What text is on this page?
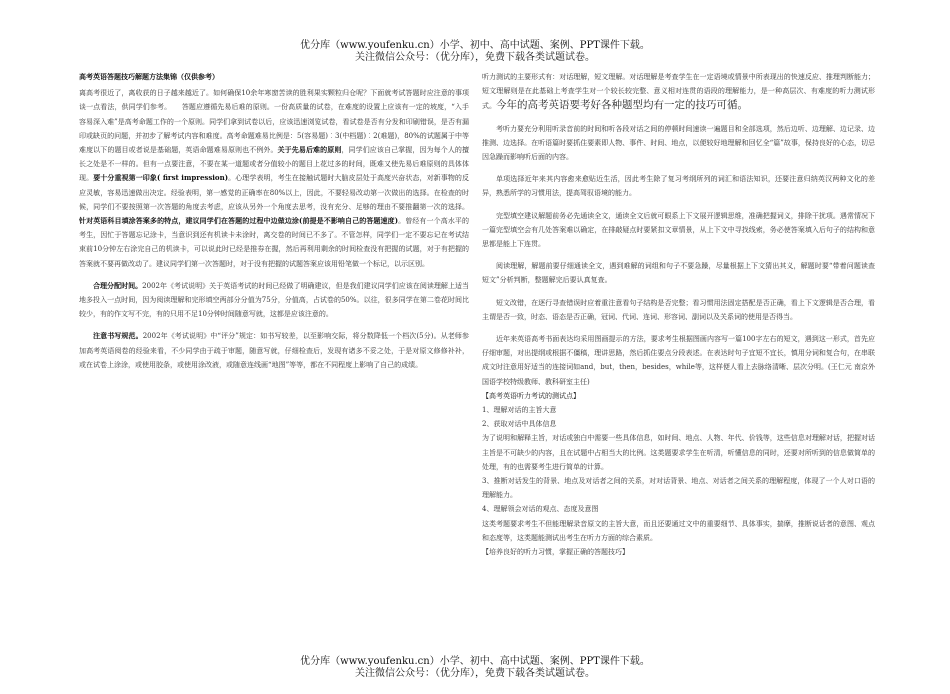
优分库（www.youfenku.cn）小学、初中、高中试题、案例、PPT课件下载。
关注微信公众号：（优分库），免费下载各类试题试卷。

高考英语答题技巧解题方法集锦（仅供参考）

离高考很近了，离收获的日子越来越近了。如何确保10余年寒窗苦读的胜利果实颗粒归仓呢？下面就考试答题时应注意的事项谈一点看法，供同学们参考。　　答题应遵循先易后难的原则。一份高质量的试卷，在难度的设置上应该有一定的坡度，“入手容易深入难”是高考命题工作的一个原则。同学们拿到试卷以后，应该迅速浏览试卷，看试卷是否有分发和印刷错误，是否有漏印或缺页的问题，并初步了解考试内容和难度。高考命题难易比例是：5(容易题)︰3(中档题)︰2(难题)，80%的试题属于中等难度以下的题目或者说是基础题，英语命题难易原则也不例外。关于先易后难的原则，同学们应该自己掌握，因为每个人的擅长之处是不一样的。但有一点要注意，不要在某一道题或者分值较小的题目上花过多的时间，既难又使先易后难原则的具体体现。要十分重视第一印象( first impression)。心理学表明，考生在接触试题时大脑皮层处于高度兴奋状态，对新事物的反应灵敏，容易迅速做出决定。经验表明，第一感觉的正确率在80%以上，因此，不要轻易改动第一次做出的选择。在检查的时候，同学们不要按照第一次答题的角度去考虑，应该从另外一个角度去思考，没有充分、足够的理由不要推翻第一次的选择。针对英语科目填涂答案多的特点，建议同学们在答题的过程中边做边涂(前提是不影响自己的答题速度)。曾经有一个高水平的考生，因忙于答题忘记涂卡，当意识到还有机读卡未涂时，离交卷的时间已不多了。不管怎样，同学们一定不要忘记在考试结束前10分钟左右涂完自己的机读卡，可以说此时已经是推券在握，然后再利用剩余的时间检查没有把握的试题，对于有把握的答案就不要再做改动了。建议同学们第一次答题时，对于没有把握的试题答案应该用铅笔做一个标记，以示区别。

合理分配时间。2002年《考试说明》关于英语考试的时间已经做了明确建议，但是我们建议同学们应该在阅读理解上适当地多投入一点时间，因为阅读理解和完形填空两部分分值为75分，分值高，占试卷的50%。以往，很多同学在第二卷花时间比较少，有的作文写不完，有的只用不足10分钟时间随意写就，这都是应该注意的。

注意书写规范。2002年《考试说明》中“评分”规定：如书写较差，以至影响交际，将分数降低一个档次(5分)。从老师参加高考英语阅卷的经验来看，不少同学由于疏于审题，随意写就，仔细检查后，发现有诸多不妥之处，于是对原文修修补补，或在试卷上涂涂，或使用胶条，或使用涂改液，或随意连线画“地图”等等，都在不同程度上影响了自己的成绩。

听力测试的主要形式有：对话理解，短文理解。对话理解是考查学生在一定语境或情景中所表现出的快速反应、推理判断能力；短文理解则是在此基础上考查学生对一个较长较完整、意义相对连贯的语段的理解能力，是一种高层次、有难度的听力测试形式。今年的高考英语要考好各种题型均有一定的技巧可循。

考听力要充分利用听录音前的时间和听各段对话之间的停顿时间速读一遍题目和全部选项，然后边听、边理解、边记录、边推测、边选择。在听语篇时要抓住要素即人物、事件、时间、地点，以便较好地理解和回忆全“篇”故事，保持良好的心态，切忌因急躁而影响听后面的内容。

单项选择近年来其内容愈来愈贴近生活，因此考生除了复习考纲所列的词汇和语法知识，还要注意归纳英汉两种文化的差异，熟悉所学的习惯用法，提高驾驭语境的能力。

完型填空建议解题前务必先通读全文，通读全文后就可眼系上下文展开逻辑思维，准确把握词义，排除干扰项。遇常情况下一篇完型填空会有几处答案难以确定，在排敲疑点时要紧扣文章情景，从上下文中寻找线索，务必使答案填入后句子的结构和意思都是能上下连贯。

阅读理解，解题前要仔细通读全文，遇到难解的词组和句子不要急躁，尽量根据上下文猜出其义，解题时要“带着问题读查短文”分析判断，整题解完后要认真复查。

短文改错，在逐行寻查错误时应着重注意看句子结构是否完整；看习惯用法固定搭配是否正确，看上下文逻辑是否合理，看主谓是否一致，时态、语态是否正确，冠词、代词、连词、形容词、副词以及关系词的使用是否得当。

近年来英语高考书面表达均采用图画提示的方法，要求考生根据图画内容写一篇100字左右的短文，遇到这一形式，首先应仔细审题，对出提纲或根据不僵稿，理讲思路，然后抓住要点分段表述。在表达时句子宜短不宜长，慎用分词和复合句，在串联成文时注意用好适当的连接词如and，but，then，besides，while等，这样便人看上去脉络清晰、层次分明。(王仁元 南京外国语学校特级教师、教科研室主任)

【高考英语听力考试的测试点】

1、理解对话的主旨大意

2、获取对话中具体信息

为了说明和解释主旨，对话或独白中需要一些具体信息，如时间、地点、人物、年代、价钱等，这些信息对理解对话，把握对话主旨是不可缺少的内容，且在试题中占相当大的比例。这类题要求学生在听清，听懂信息的同时，还要对所听到的信息做简单的处理，有的也需要考生进行简单的计算。

3、推断对话发生的背景、地点及对话者之间的关系，对对话背景、地点、对话者之间关系的理解程度，体现了一个人对口语的理解能力。

4、理解领会对话的观点、态度及意图

这类考题要求考生不但能理解录音原文的主旨大意，而且还要通过文中的重要细节、具体事实，揣摩，推断说话者的意图、观点和态度等，这类题能测试出考生在听力方面的综合素质。

【培养良好的听力习惯，掌握正确的答题技巧】

优分库（www.youfenku.cn）小学、初中、高中试题、案例、PPT课件下载。
关注微信公众号：（优分库），免费下载各类试题试卷。
